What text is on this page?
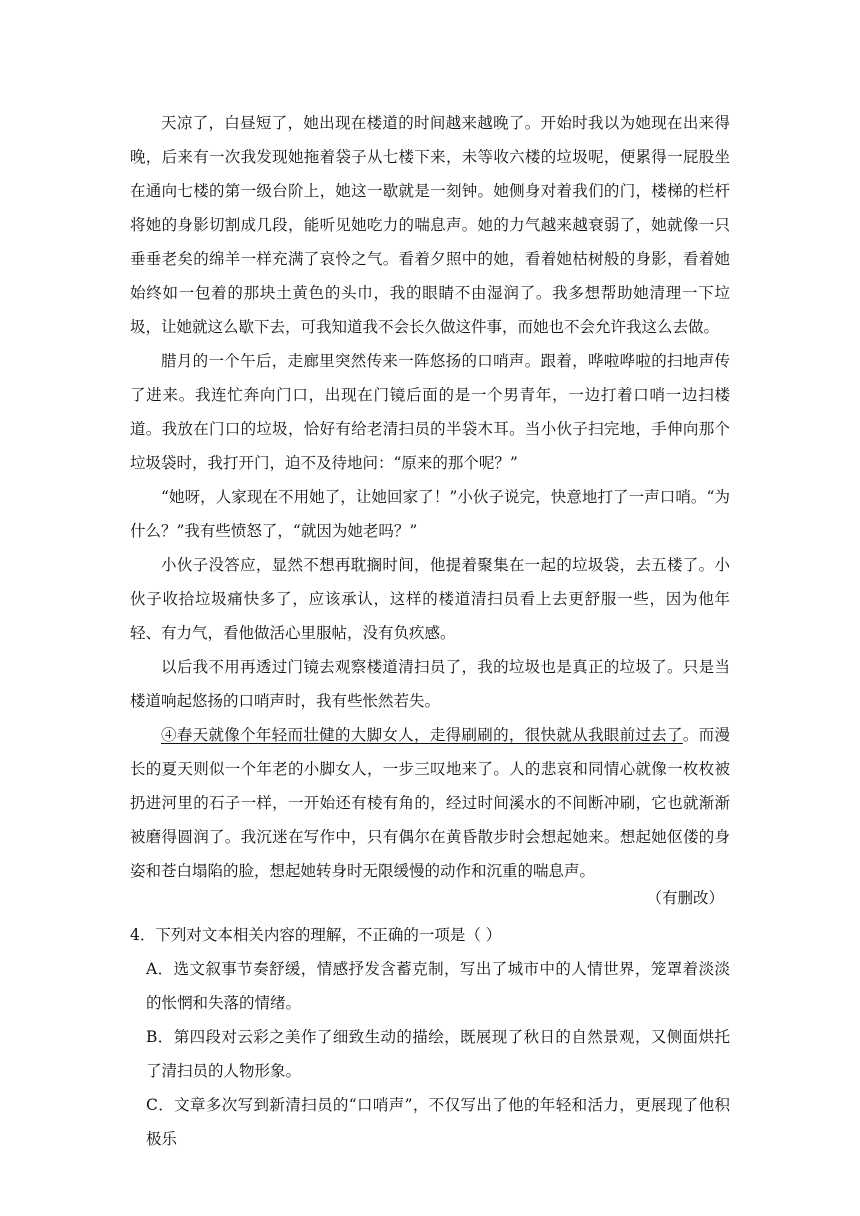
天凉了，白昼短了，她出现在楼道的时间越来越晚了。开始时我以为她现在出来得晚，后来有一次我发现她拖着袋子从七楼下来，未等收六楼的垃圾呢，便累得一屁股坐在通向七楼的第一级台阶上，她这一歇就是一刻钟。她侧身对着我们的门，楼梯的栏杆将她的身影切割成几段，能听见她吃力的喘息声。她的力气越来越衰弱了，她就像一只垂垂老矣的绵羊一样充满了哀怜之气。看着夕照中的她，看着她枯树般的身影，看着她始终如一包着的那块土黄色的头巾，我的眼睛不由湿润了。我多想帮助她清理一下垃圾，让她就这么歇下去，可我知道我不会长久做这件事，而她也不会允许我这么去做。

腊月的一个午后，走廊里突然传来一阵悠扬的口哨声。跟着，哗啦哗啦的扫地声传了进来。我连忙奔向门口，出现在门镜后面的是一个男青年，一边打着口哨一边扫楼道。我放在门口的垃圾，恰好有给老清扫员的半袋木耳。当小伙子扫完地，手伸向那个垃圾袋时，我打开门，迫不及待地问：“原来的那个呢？”

“她呀，人家现在不用她了，让她回家了！”小伙子说完，快意地打了一声口哨。“为什么？”我有些愤怒了，“就因为她老吗？”

小伙子没答应，显然不想再耽搁时间，他提着聚集在一起的垃圾袋，去五楼了。小伙子收拾垃圾痛快多了，应该承认，这样的楼道清扫员看上去更舒服一些，因为他年轻、有力气，看他做活心里服帖，没有负疚感。

以后我不用再透过门镜去观察楼道清扫员了，我的垃圾也是真正的垃圾了。只是当楼道响起悠扬的口哨声时，我有些怅然若失。

④春天就像个年轻而壮健的大脚女人，走得刷刷的，很快就从我眼前过去了。而漫长的夏天则似一个年老的小脚女人，一步三叹地来了。人的悲哀和同情心就像一枚枚被扔进河里的石子一样，一开始还有棱有角的，经过时间溪水的不间断冲刷，它也就渐渐被磨得圆润了。我沉迷在写作中，只有偶尔在黄昏散步时会想起她来。想起她伛偻的身姿和苍白塌陷的脸，想起她转身时无限缓慢的动作和沉重的喘息声。

（有删改）

4．下列对文本相关内容的理解，不正确的一项是（ ）

A．选文叙事节奏舒缓，情感抒发含蓄克制，写出了城市中的人情世界，笼罩着淡淡的怅惘和失落的情绪。

B．第四段对云彩之美作了细致生动的描绘，既展现了秋日的自然景观，又侧面烘托了清扫员的人物形象。

C．文章多次写到新清扫员的“口哨声”，不仅写出了他的年轻和活力，更展现了他积极乐
